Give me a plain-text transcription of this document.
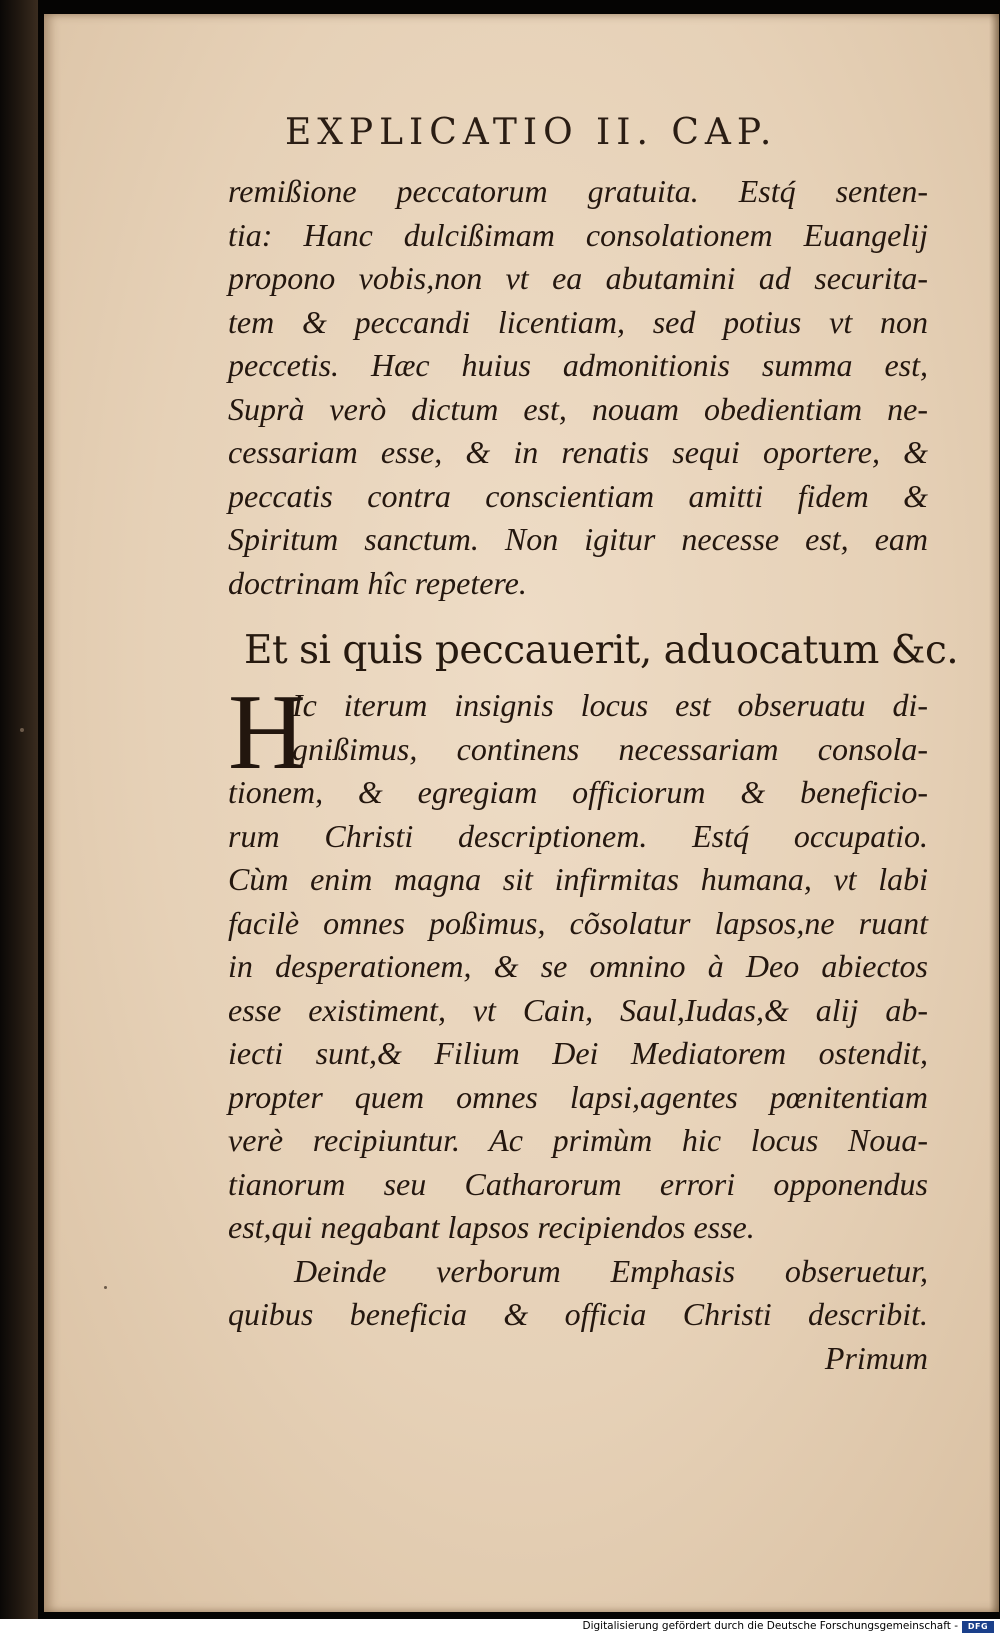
EXPLICATIO II. CAP.
remißione peccatorum gratuita. Estq́ senten-
tia: Hanc dulcißimam consolationem Euangelij
propono vobis,non vt ea abutamini ad securita-
tem & peccandi licentiam, sed potius vt non
peccetis. Hæc huius admonitionis summa est,
Suprà verò dictum est, nouam obedientiam ne-
cessariam esse, & in renatis sequi oportere, &
peccatis contra conscientiam amitti fidem &
Spiritum sanctum. Non igitur necesse est, eam
doctrinam hîc repetere.
Et si quis peccauerit, aduocatum &c.
H
Ic iterum insignis locus est obseruatu di-
gnißimus, continens necessariam consola-
tionem, & egregiam officiorum & beneficio-
rum Christi descriptionem. Estq́ occupatio.
Cùm enim magna sit infirmitas humana, vt labi
facilè omnes poßimus, cõsolatur lapsos,ne ruant
in desperationem, & se omnino à Deo abiectos
esse existiment, vt Cain, Saul,Iudas,& alij ab-
iecti sunt,& Filium Dei Mediatorem ostendit,
propter quem omnes lapsi,agentes pœnitentiam
verè recipiuntur. Ac primùm hic locus Noua-
tianorum seu Catharorum errori opponendus
est,qui negabant lapsos recipiendos esse.
Deinde verborum Emphasis obseruetur,
quibus beneficia & officia Christi describit.
Primum
Digitalisierung gefördert durch die Deutsche Forschungsgemeinschaft -	DFG
